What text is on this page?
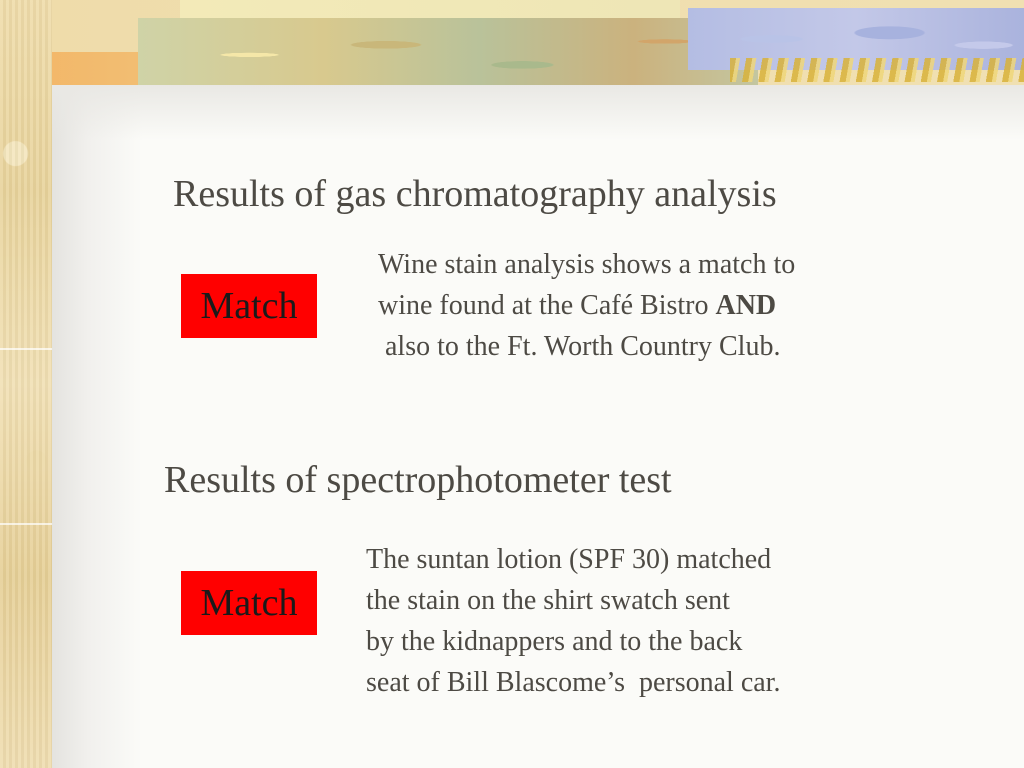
Results of gas chromatography analysis
Match
Wine stain analysis shows a match to
wine found at the Café Bistro AND
also to the Ft. Worth Country Club.
Results of spectrophotometer test
Match
The suntan lotion (SPF 30) matched
the stain on the shirt swatch sent
by the kidnappers and to the back
seat of Bill Blascome’s  personal car.
